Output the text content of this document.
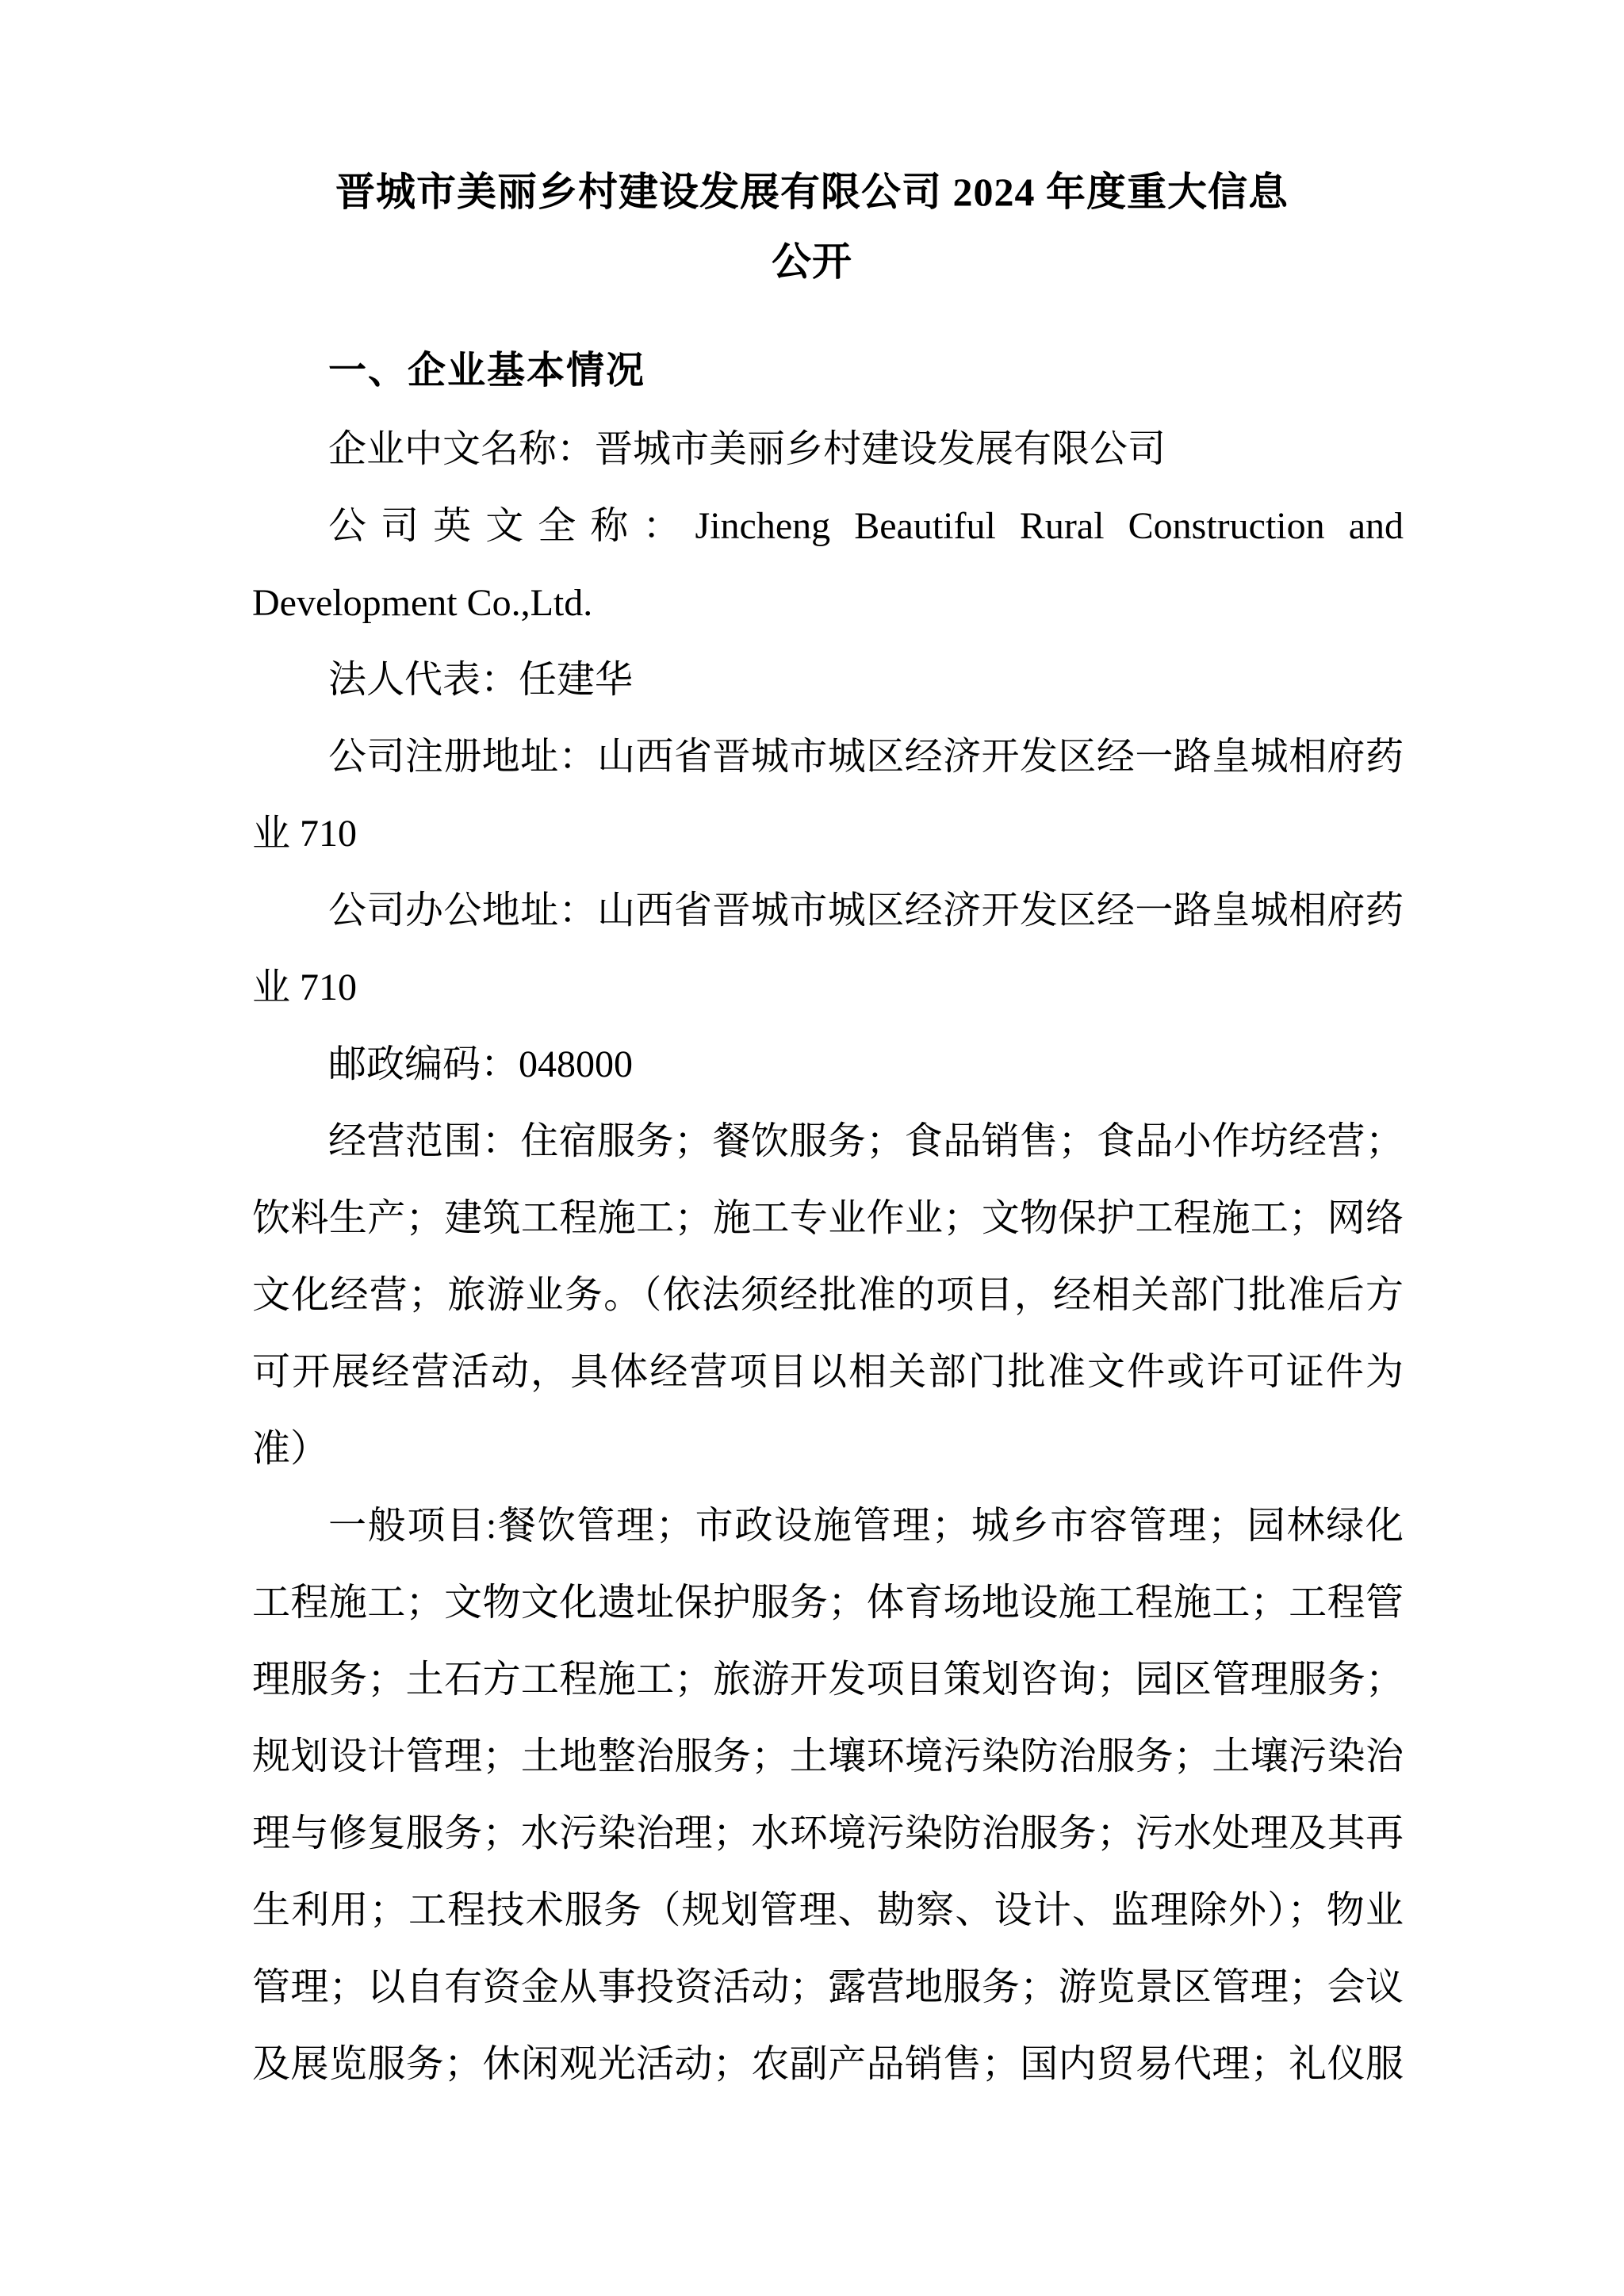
晋城市美丽乡村建设发展有限公司 2024 年度重大信息
公开
一、企业基本情况
企业中文名称：晋城市美丽乡村建设发展有限公司
公司英文全称：Jincheng Beautiful Rural Construction and
Development Co.,Ltd.
法人代表：任建华
公司注册地址：山西省晋城市城区经济开发区经一路皇城相府药
业 710
公司办公地址：山西省晋城市城区经济开发区经一路皇城相府药
业 710
邮政编码：048000
经营范围：住宿服务；餐饮服务；食品销售；食品小作坊经营；
饮料生产；建筑工程施工；施工专业作业；文物保护工程施工；网络
文化经营；旅游业务。（依法须经批准的项目，经相关部门批准后方
可开展经营活动，具体经营项目以相关部门批准文件或许可证件为
准）
一般项目:餐饮管理；市政设施管理；城乡市容管理；园林绿化
工程施工；文物文化遗址保护服务；体育场地设施工程施工；工程管
理服务；土石方工程施工；旅游开发项目策划咨询；园区管理服务；
规划设计管理；土地整治服务；土壤环境污染防治服务；土壤污染治
理与修复服务；水污染治理；水环境污染防治服务；污水处理及其再
生利用；工程技术服务（规划管理、勘察、设计、监理除外）；物业
管理；以自有资金从事投资活动；露营地服务；游览景区管理；会议
及展览服务；休闲观光活动；农副产品销售；国内贸易代理；礼仪服
